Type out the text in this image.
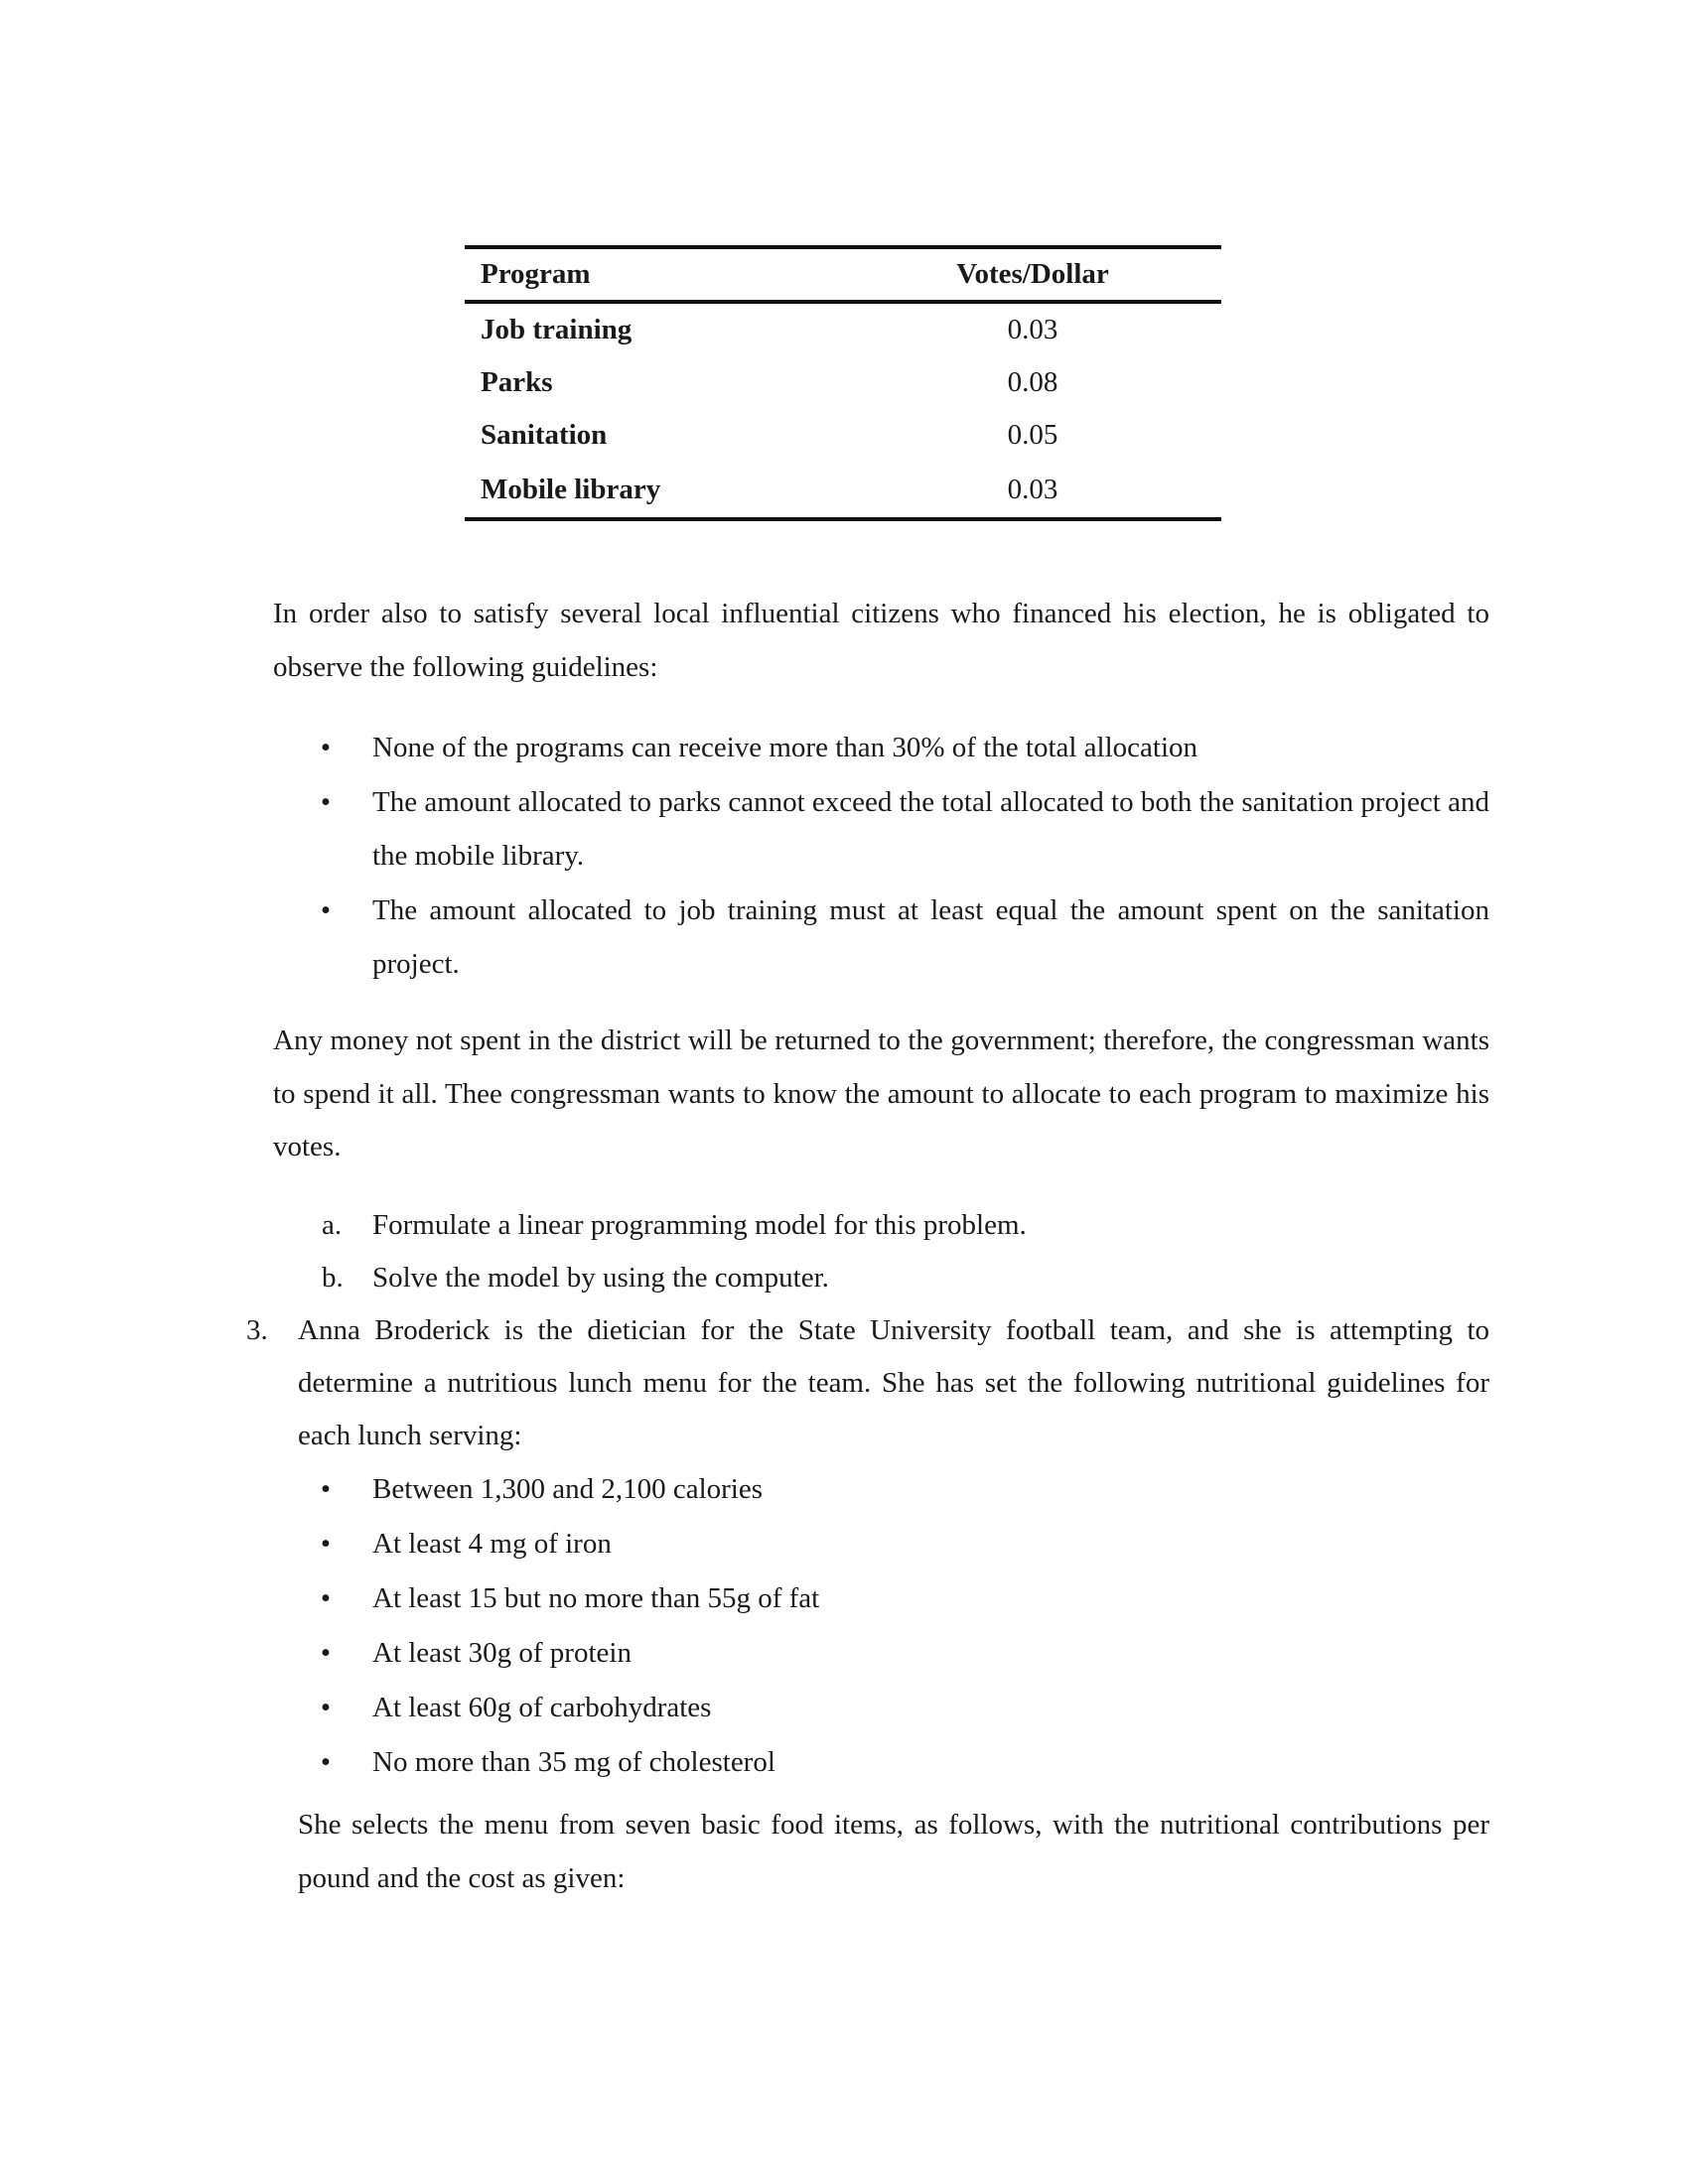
Program	Votes/Dollar
Job training	0.03
Parks	0.08
Sanitation	0.05
Mobile library	0.03

In order also to satisfy several local influential citizens who financed his election, he is obligated to observe the following guidelines:

• None of the programs can receive more than 30% of the total allocation
• The amount allocated to parks cannot exceed the total allocated to both the sanitation project and the mobile library.
• The amount allocated to job training must at least equal the amount spent on the sanitation project.

Any money not spent in the district will be returned to the government; therefore, the congressman wants to spend it all. Thee congressman wants to know the amount to allocate to each program to maximize his votes.

a. Formulate a linear programming model for this problem.
b. Solve the model by using the computer.
3. Anna Broderick is the dietician for the State University football team, and she is attempting to determine a nutritious lunch menu for the team. She has set the following nutritional guidelines for each lunch serving:
• Between 1,300 and 2,100 calories
• At least 4 mg of iron
• At least 15 but no more than 55g of fat
• At least 30g of protein
• At least 60g of carbohydrates
• No more than 35 mg of cholesterol

She selects the menu from seven basic food items, as follows, with the nutritional contributions per pound and the cost as given:
